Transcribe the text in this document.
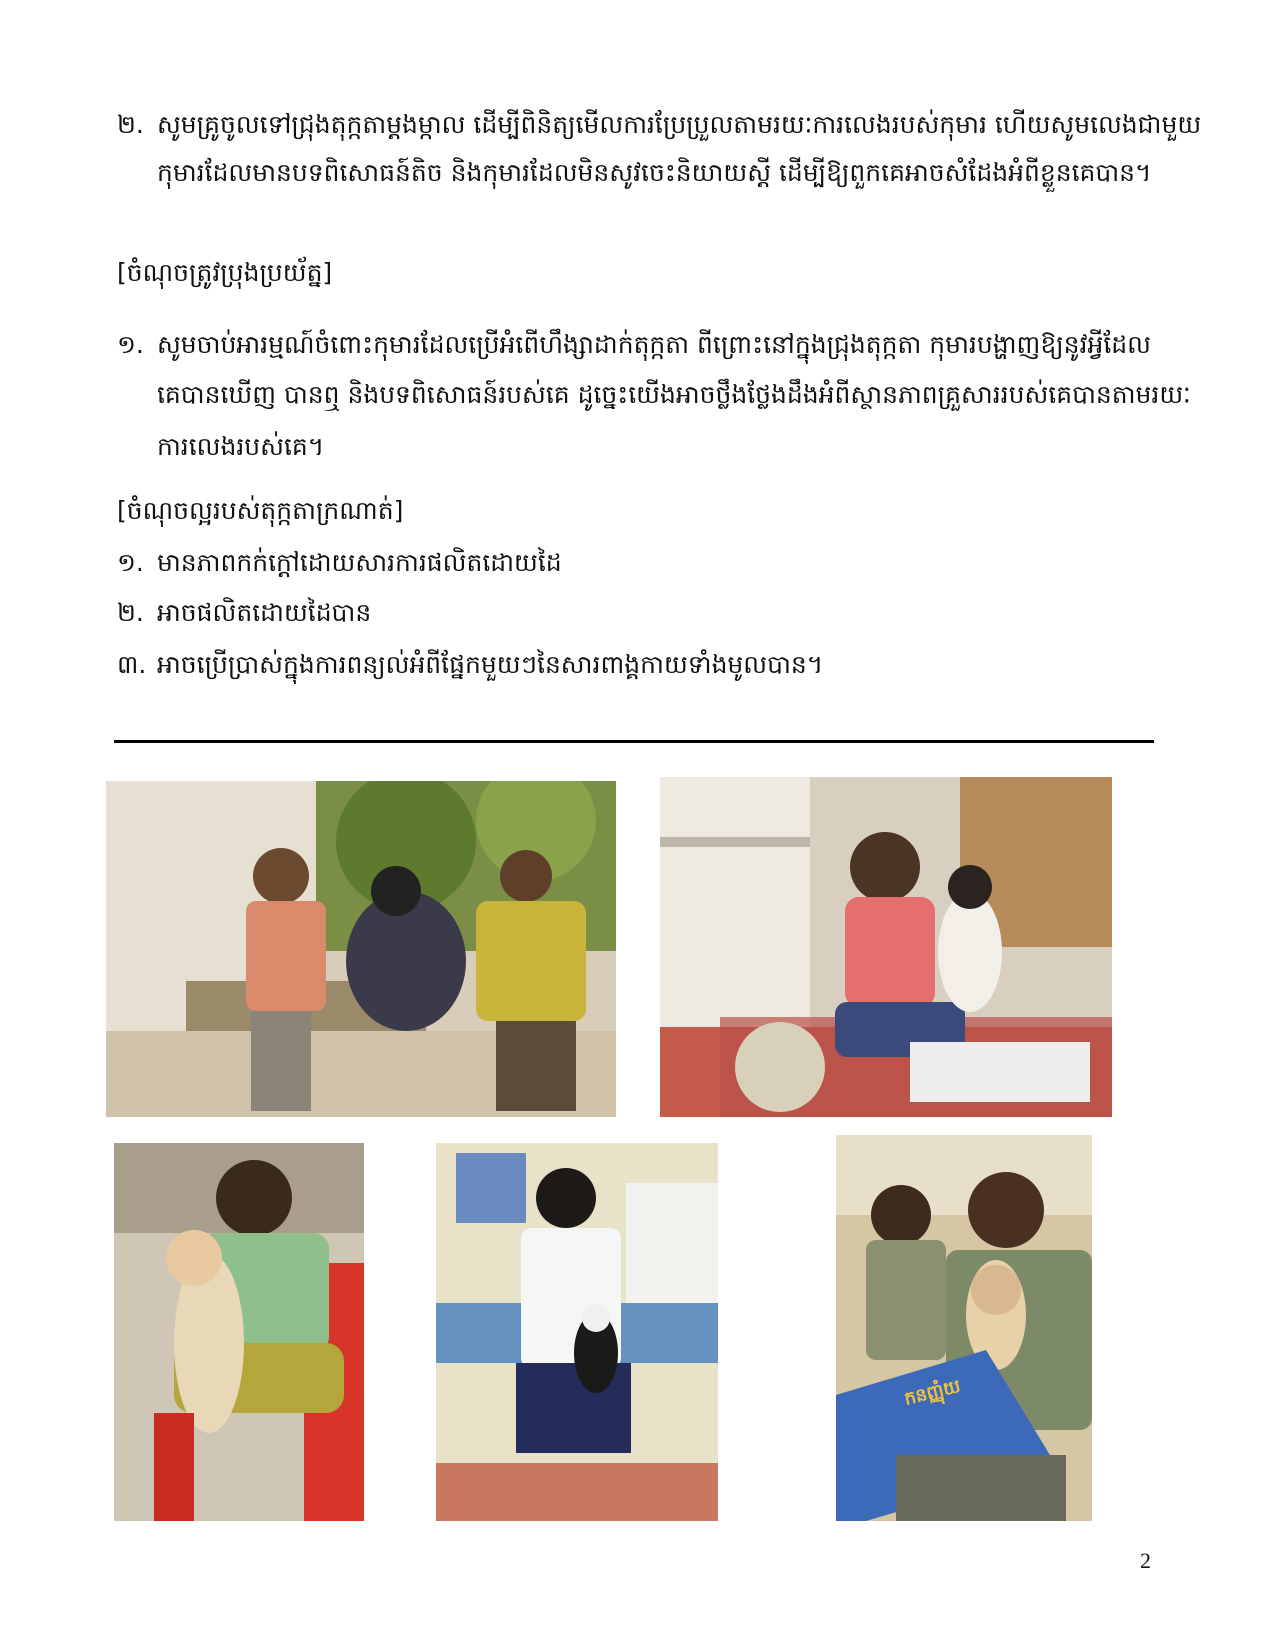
២. សូមគ្រូចូលទៅជ្រុងតុក្កតាម្តងម្កាល ដើម្បីពិនិត្យមើលការប្រែប្រួលតាមរយៈការលេងរបស់កុមារ ហើយសូមលេងជាមួយ
កុមារដែលមានបទពិសោធន៍តិច និងកុមារដែលមិនសូវចេះនិយាយស្តី ដើម្បីឱ្យពួកគេអាចសំដែងអំពីខ្លួនគេបាន។
[ចំណុចត្រូវប្រុងប្រយ័ត្ន]
១. សូមចាប់អារម្មណ៍ចំពោះកុមារដែលប្រើអំពើហឹង្សាដាក់តុក្កតា ពីព្រោះនៅក្នុងជ្រុងតុក្កតា កុមារបង្ហាញឱ្យនូវអ្វីដែល
គេបានឃើញ បានឮ និងបទពិសោធន៍របស់គេ ដូច្នេះយើងអាចថ្លឹងថ្លែងដឹងអំពីស្ថានភាពគ្រួសាររបស់គេបានតាមរយៈ
ការលេងរបស់គេ។
[ចំណុចល្អរបស់តុក្កតាក្រណាត់]
១. មានភាពកក់ក្តៅដោយសារការផលិតដោយដៃ
២. អាចផលិតដោយដៃបាន
៣. អាចប្រើប្រាស់ក្នុងការពន្យល់អំពីផ្នែកមួយៗនៃសារពាង្គកាយទាំងមូលបាន។
កនញ្ញុំយ
2
